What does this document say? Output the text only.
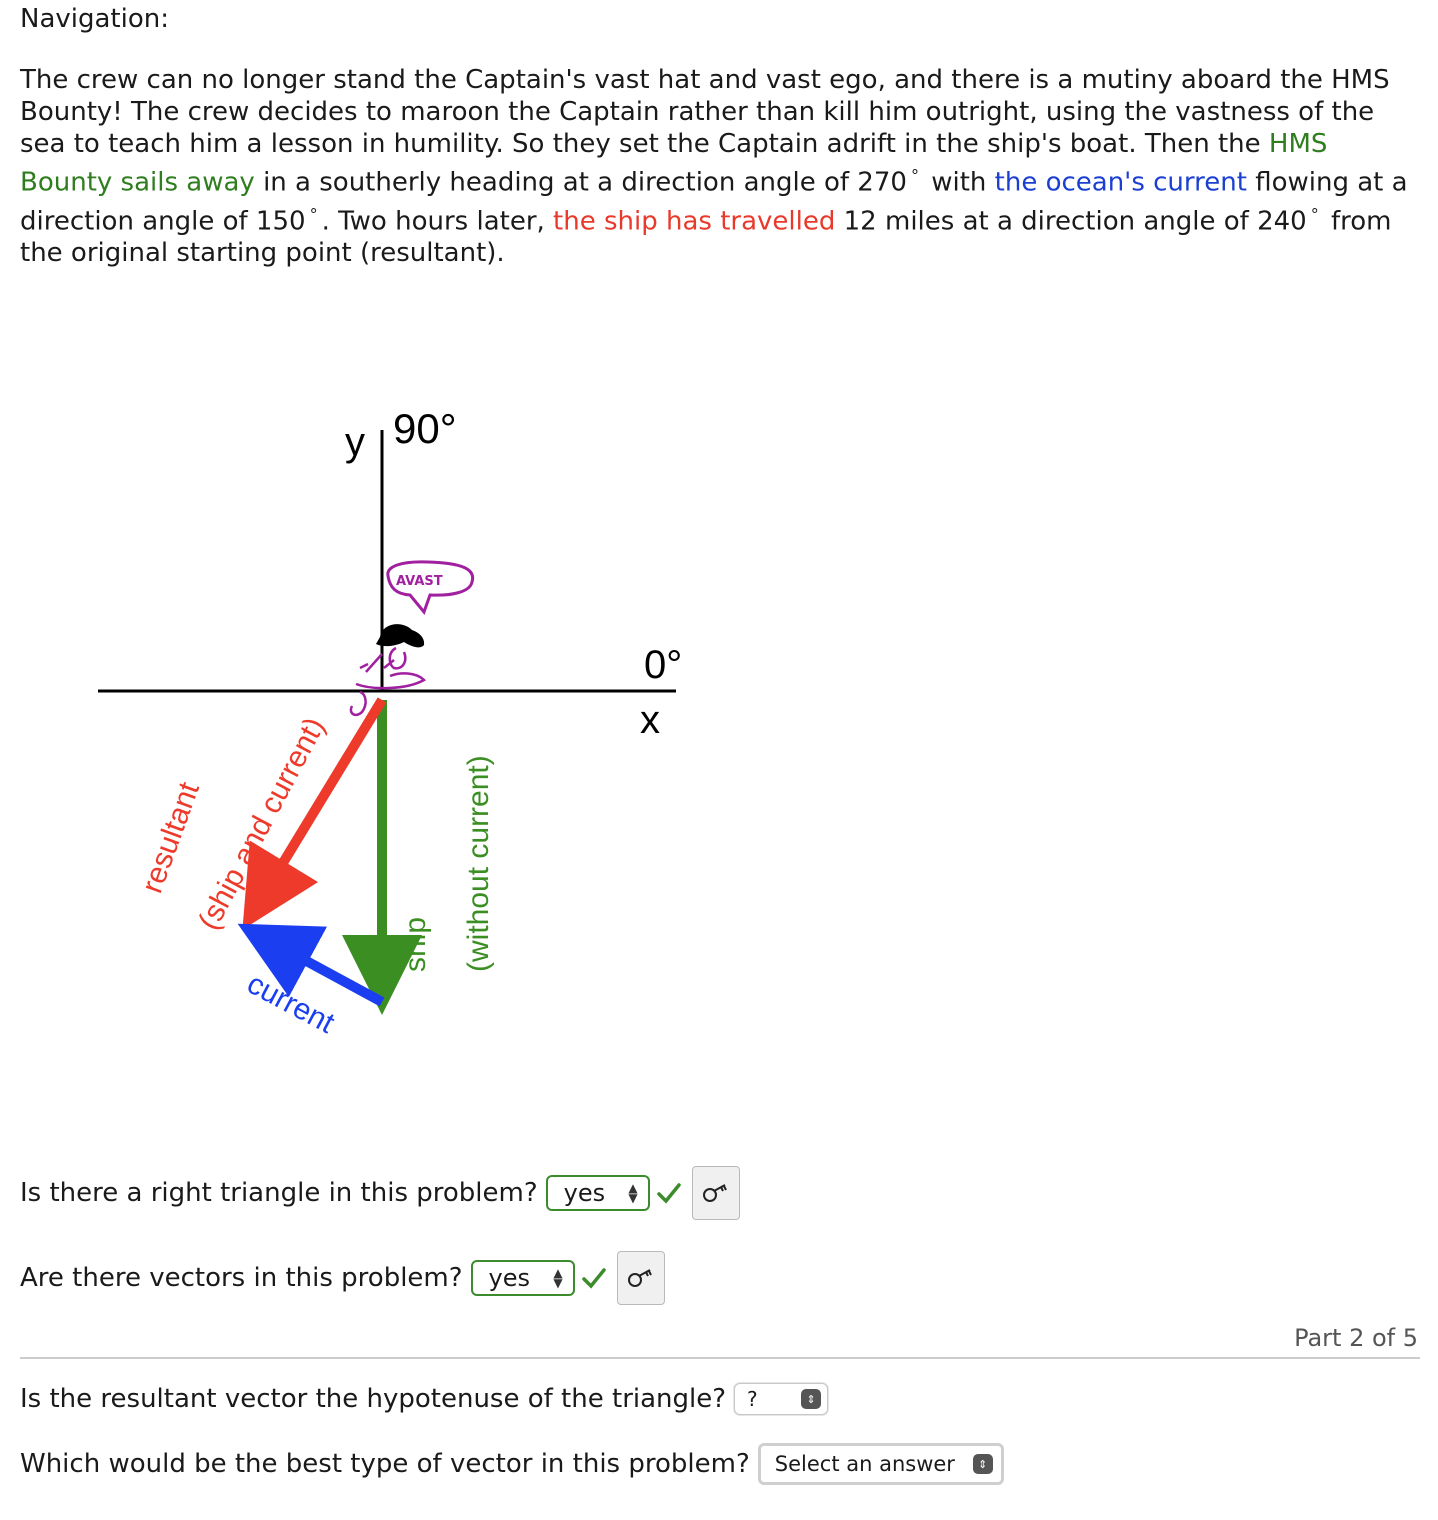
Navigation:
The crew can no longer stand the Captain's vast hat and vast ego, and there is a mutiny aboard the HMS Bounty! The crew decides to maroon the Captain rather than kill him outright, using the vastness of the sea to teach him a lesson in humility. So they set the Captain adrift in the ship's boat. Then the HMS Bounty sails away in a southerly heading at a direction angle of 270 ° with the ocean's current flowing at a direction angle of 150 ° . Two hours later, the ship has travelled 12 miles at a direction angle of 240 ° from the original starting point (resultant).
y 90°
0°
x
AVAST
resultant
(ship and current)
current
ship (without current)
Is there a right triangle in this problem? yes ▲
▼
Are there vectors in this problem? yes ▲
▼
Part 2 of 5
Is the resultant vector the hypotenuse of the triangle? ?	⇕
Which would be the best type of vector in this problem? Select an answer	⇕
